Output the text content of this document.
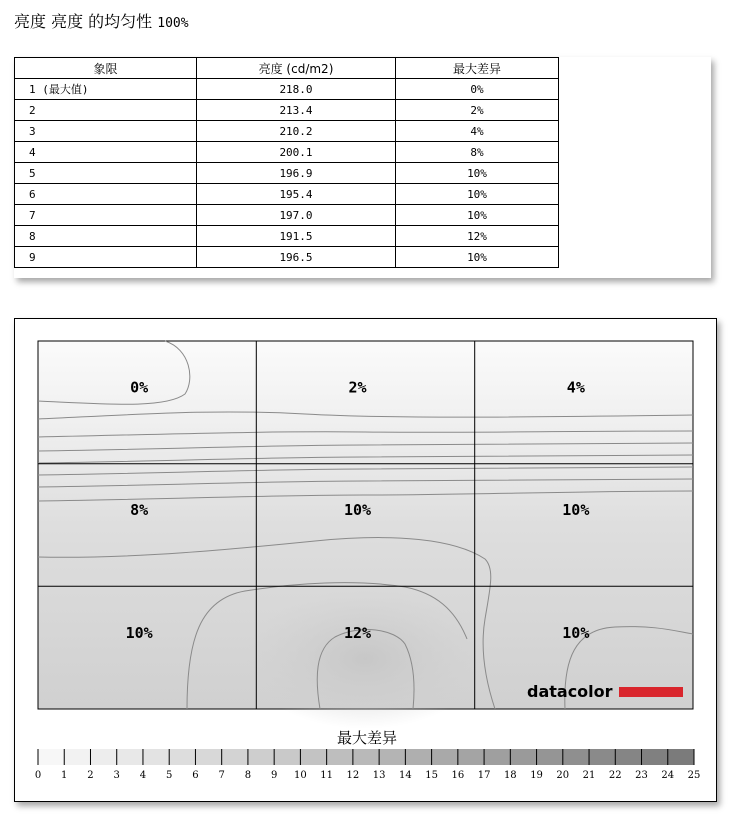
亮度 亮度 的均匀性 100%
象限	亮度 (cd/m2)	最大差异
1 (最大值)	218.0	0%
2	213.4	2%
3	210.2	4%
4	200.1	8%
5	196.9	10%
6	195.4	10%
7	197.0	10%
8	191.5	12%
9	196.5	10%
0%	2%	4%
8%	10%	10%
10%	12%	10%
datacolor
最大差异
0 1 2 3 4 5 6 7 8 9 10 11 12 13 14 15 16 17 18 19 20 21 22 23 24 25
